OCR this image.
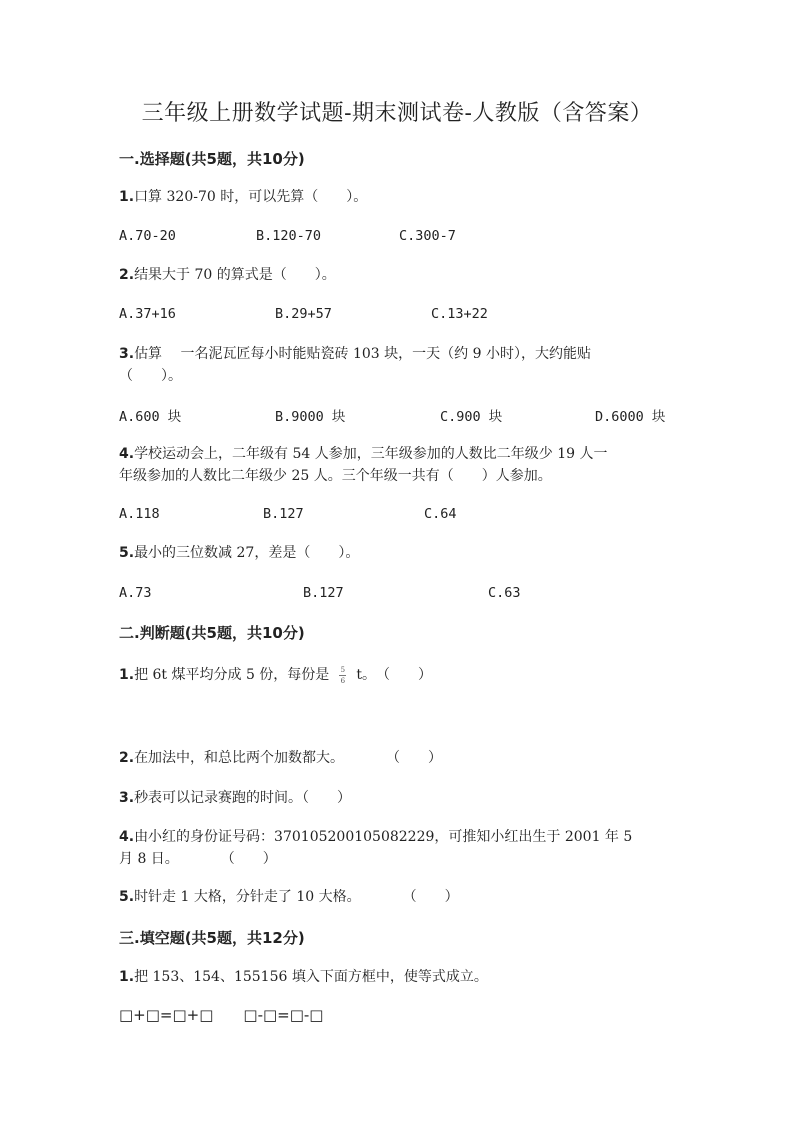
三年级上册数学试题-期末测试卷-人教版（含答案）
一.选择题(共5题，共10分)
1.口算 320-70 时，可以先算（　　）。
A.70-20	B.120-70	C.300-7
2.结果大于 70 的算式是（　　）。
A.37+16	B.29+57	C.13+22
3.估算　 一名泥瓦匠每小时能贴瓷砖 103 块，一天（约 9 小时），大约能贴
（　　）。
A.600 块	B.9000 块	C.900 块	D.6000 块
4.学校运动会上，二年级有 54 人参加，三年级参加的人数比二年级少 19 人一
年级参加的人数比二年级少 25 人。三个年级一共有（　　）人参加。
A.118	B.127	C.64
5.最小的三位数减 27，差是（　　）。
A.73	B.127	C.63
二.判断题(共5题，共10分)
1.把 6t 煤平均分成 5 份，每份是 $\frac{5}{6}$ t。　（　　）
2.在加法中，和总比两个加数都大。　　　　（　　）
3.秒表可以记录赛跑的时间。（　　）
4.由小红的身份证号码：370105200105082229，可推知小红出生于 2001 年 5
月 8 日。　　　　（　　）
5.时针走 1 大格，分针走了 10 大格。　　　　（　　）
三.填空题(共5题，共12分)
1.把 153、154、155156 填入下面方框中，使等式成立。
□+□=□+□　　□-□=□-□
